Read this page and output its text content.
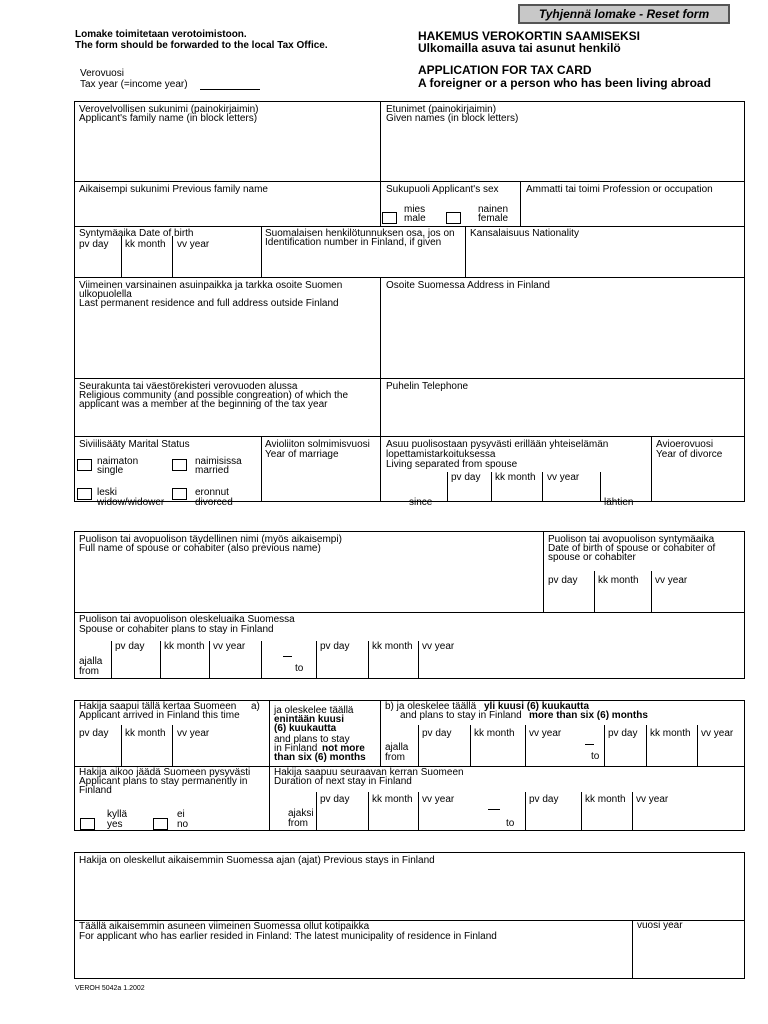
Tyhjennä lomake - Reset form
Lomake toimitetaan verotoimistoon.
The form should be forwarded to the local Tax Office.
HAKEMUS VEROKORTIN SAAMISEKSI
Ulkomailla asuva tai asunut henkilö
APPLICATION FOR TAX CARD
A foreigner or a person who has been living abroad
Verovuosi
Tax year (=income year)
Verovelvollisen sukunimi (painokirjaimin)
Applicant's family name (in block letters)
Etunimet (painokirjaimin)
Given names (in block letters)
Aikaisempi sukunimi Previous family name	Sukupuoli Applicant's sex
mies
male
nainen
female
Ammatti tai toimi Profession or occupation
Syntymäaika Date of birth
pv day kk month vv year
Suomalaisen henkilötunnuksen osa, jos on
Identification number in Finland, if given
Kansalaisuus Nationality
Viimeinen varsinainen asuinpaikka ja tarkka osoite Suomen
ulkopuolella
Last permanent residence and full address outside Finland
Osoite Suomessa Address in Finland
Seurakunta tai väestörekisteri verovuoden alussa
Religious community (and possible congreation) of which the
applicant was a member at the beginning of the tax year
Puhelin Telephone
Siviilisääty Marital Status
naimaton
single
naimisissa
married
leski
widow/widower
eronnut
divorced
Avioliiton solmimisvuosi
Year of marriage
Asuu puolisostaan pysyvästi erillään yhteiselämän
lopettamistarkoituksessa
Living separated from spouse
pv day kk month vv year
since	lähtien
Avioerovuosi
Year of divorce
Puolison tai avopuolison täydellinen nimi (myös aikaisempi)
Full name of spouse or cohabiter (also previous name)
Puolison tai avopuolison syntymäaika
Date of birth of spouse or cohabiter of
spouse or cohabiter
pv day kk month vv year
Puolison tai avopuolison oleskeluaika Suomessa
Spouse or cohabiter plans to stay in Finland
pv day kk month vv year	pv day kk month vv year
ajalla
from	to
Hakija saapui tällä kertaa Suomeen
Applicant arrived in Finland this time
a)
pv day kk month vv year
ja oleskelee täällä
enintään kuusi
(6) kuukautta
and plans to stay
in Finland not more
than six (6) months
b) ja oleskelee täällä yli kuusi (6) kuukautta
and plans to stay in Finland more than six (6) months
ajalla
from
pv day kk month vv year
to
pv day kk month vv year
Hakija aikoo jäädä Suomeen pysyvästi
Applicant plans to stay permanently in
Finland
kyllä
yes
ei
no
Hakija saapuu seuraavan kerran Suomeen
Duration of next stay in Finland
ajaksi
from
pv day kk month vv year
to
pv day	kk month vv year
Hakija on oleskellut aikaisemmin Suomessa ajan (ajat) Previous stays in Finland
Täällä aikaisemmin asuneen viimeinen Suomessa ollut kotipaikka
For applicant who has earlier resided in Finland: The latest municipality of residence in Finland
vuosi year
VEROH 5042a 1.2002
